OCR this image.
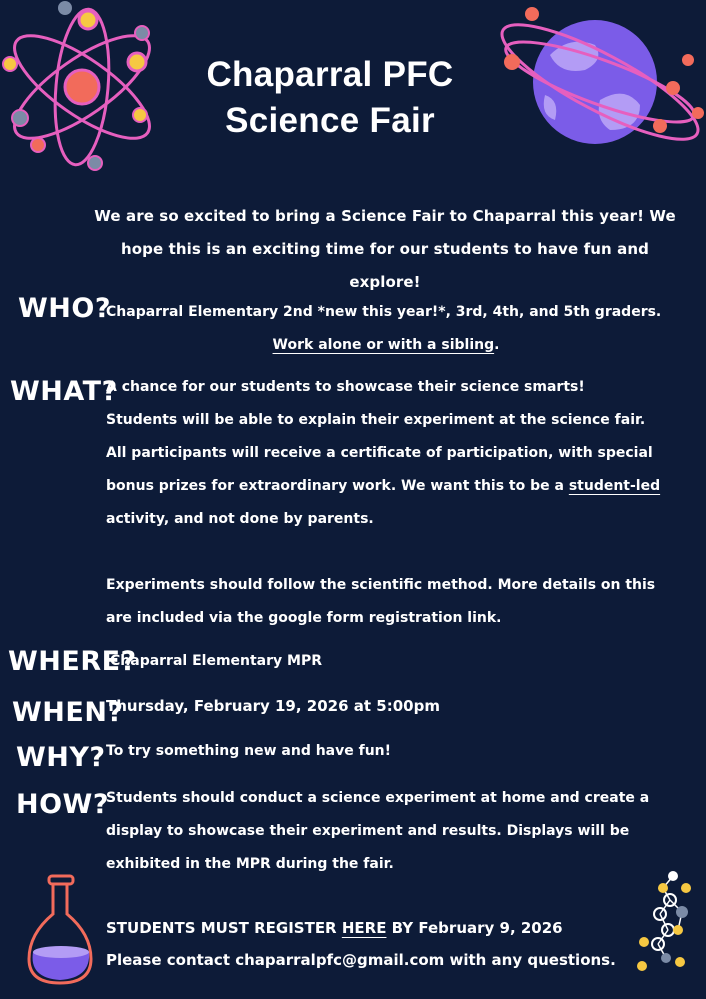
Chaparral PFC
Science Fair
We are so excited to bring a Science Fair to Chaparral this year! We
hope this is an exciting time for our students to have fun and explore!
WHO?
Chaparral Elementary 2nd *new this year!*, 3rd, 4th, and 5th graders.
Work alone or with a sibling.
WHAT?
A chance for our students to showcase their science smarts!
Students will be able to explain their experiment at the science fair.
All participants will receive a certificate of participation, with special
bonus prizes for extraordinary work. We want this to be a student-led
activity, and not done by parents.
Experiments should follow the scientific method. More details on this
are included via the google form registration link.
WHERE?
Chaparral Elementary MPR
WHEN?
Thursday, February 19, 2026 at 5:00pm
WHY? To try something new and have fun!
HOW?
Students should conduct a science experiment at home and create a
display to showcase their experiment and results. Displays will be
exhibited in the MPR during the fair.
STUDENTS MUST REGISTER HERE BY February 9, 2026
Please contact chaparralpfc@gmail.com with any questions.
